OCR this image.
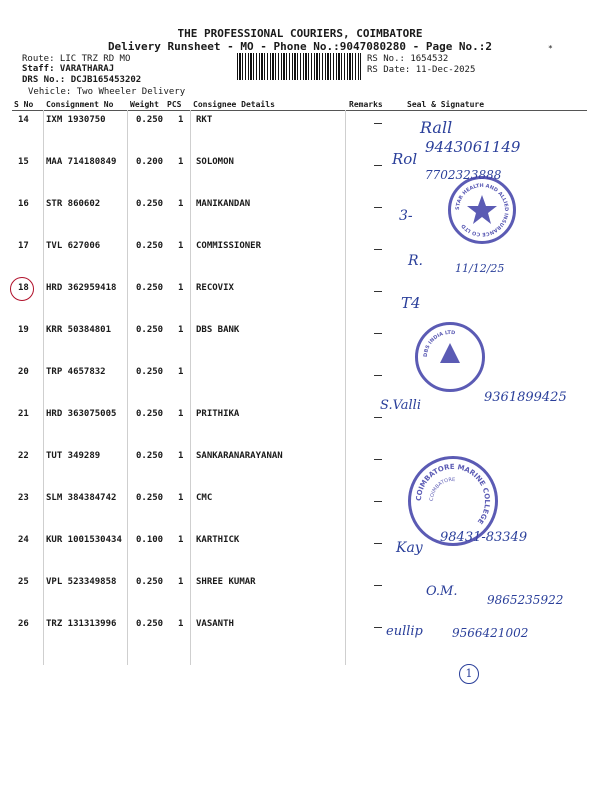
THE PROFESSIONAL COURIERS, COIMBATORE
Delivery Runsheet - MO - Phone No.:9047080280 - Page No.:2
Route: LIC TRZ RD MO
Staff: VARATHARAJ
DRS No.: DCJB165453202
Vehicle: Two Wheeler Delivery
RS No.: 1654532
RS Date: 11-Dec-2025
*
S No Consignment No Weight PCS Consignee Details	Remarks	Seal & Signature
14 IXM 1930750	0.250 1 RKT
15 MAA 714180849 0.200 1 SOLOMON
16 STR 860602	0.250 1 MANIKANDAN
17 TVL 627006	0.250 1 COMMISSIONER
18 HRD 362959418 0.250 1 RECOVIX
19 KRR 50384801	0.250 1 DBS BANK
20 TRP 4657832	0.250 1
21 HRD 363075005 0.250 1 PRITHIKA
22 TUT 349289	0.250 1 SANKARANARAYANAN
23 SLM 384384742 0.250 1 CMC
24 KUR 1001530434 0.100 1 KARTHICK
25 VPL 523349858 0.250 1 SHREE KUMAR
26 TRZ 131313996 0.250 1 VASANTH
Rall
9443061149
Rol
7702323888
3-
R.	11/12/25
T4
S.Valli
9361899425
Kay
98431-83349
O.M.
9865235922
eullip 9566421002
1
STAR HEALTH AND ALLIED INSURANCE CO LTD
DBS INDIA LTD
COIMBATORE MARINE COLLEGE
COIMBATORE
